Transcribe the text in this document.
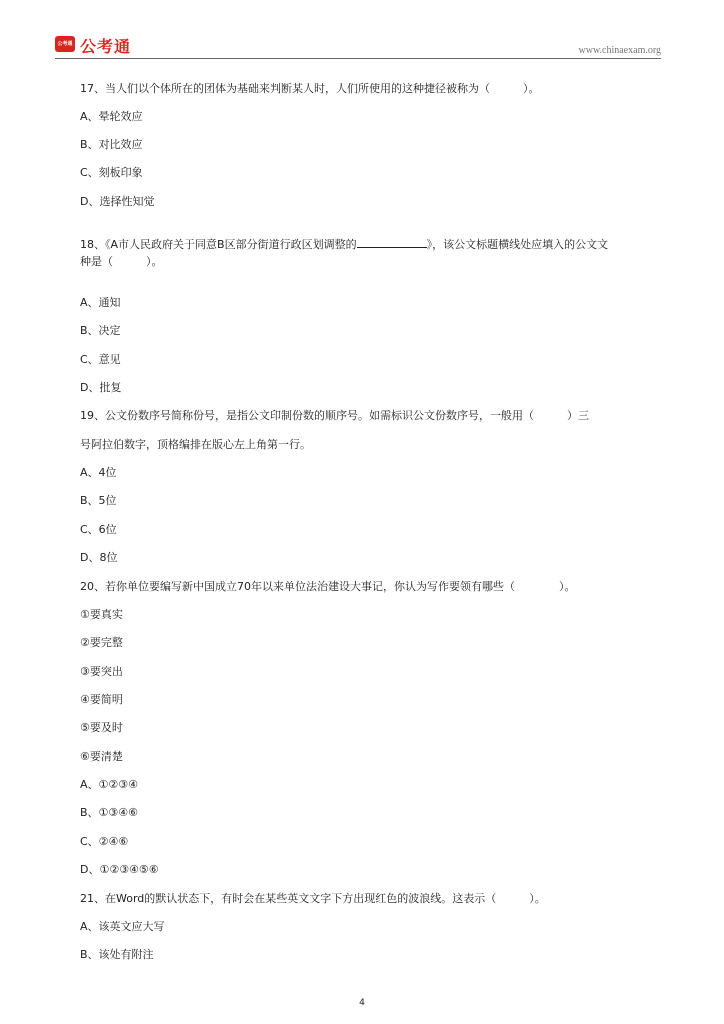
公考通 公考通	www.chinaexam.org
17、当人们以个体所在的团体为基础来判断某人时，人们所使用的这种捷径被称为（　　　）。
A、晕轮效应
B、对比效应
C、刻板印象
D、选择性知觉
18、《A市人民政府关于同意B区部分街道行政区划调整的	》，该公文标题横线处应填入的公文文
种是（　　　）。
A、通知
B、决定
C、意见
D、批复
19、公文份数序号简称份号，是指公文印制份数的顺序号。如需标识公文份数序号，一般用（　　　）三
号阿拉伯数字，顶格编排在版心左上角第一行。
A、4位
B、5位
C、6位
D、8位
20、若你单位要编写新中国成立70年以来单位法治建设大事记，你认为写作要领有哪些（　　　　）。
①要真实
②要完整
③要突出
④要简明
⑤要及时
⑥要清楚
A、①②③④
B、①③④⑥
C、②④⑥
D、①②③④⑤⑥
21、在Word的默认状态下，有时会在某些英文文字下方出现红色的波浪线。这表示（　　　）。
A、该英文应大写
B、该处有附注
4
